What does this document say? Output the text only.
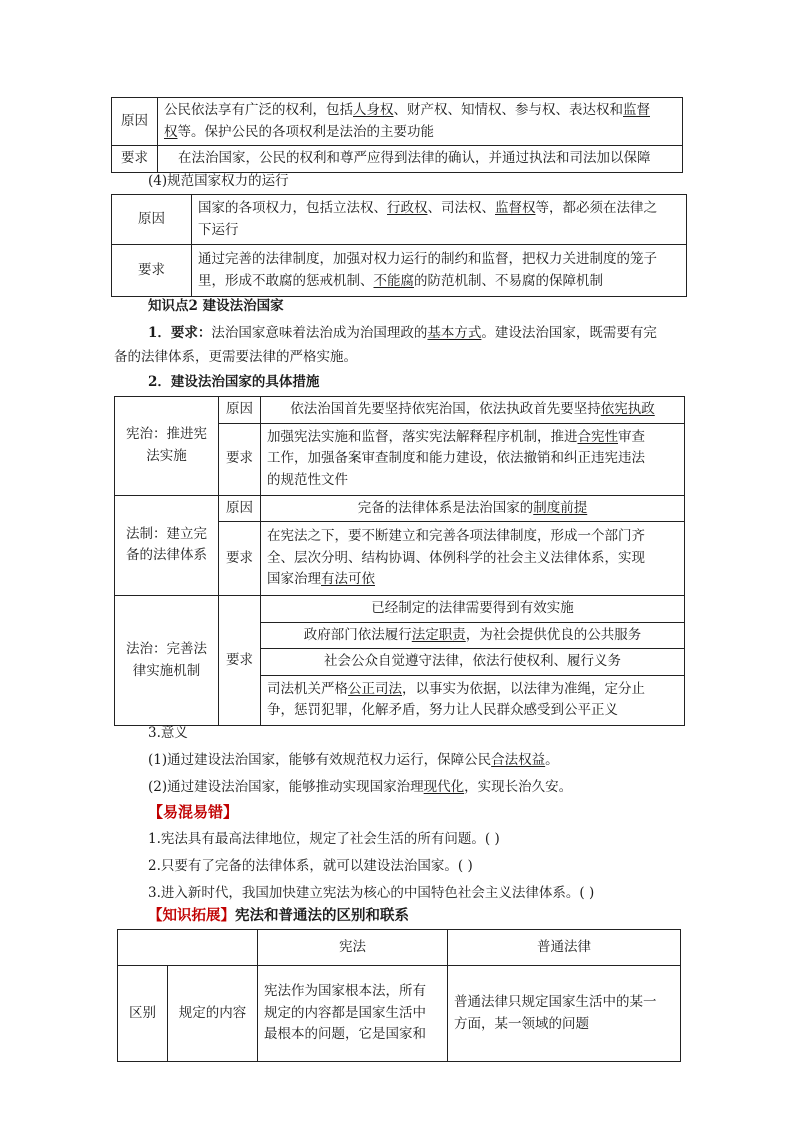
原因	公民依法享有广泛的权利，包括人身权、财产权、知情权、参与权、表达权和监督
权等。保护公民的各项权利是法治的主要功能
要求	在法治国家，公民的权利和尊严应得到法律的确认，并通过执法和司法加以保障
(4)规范国家权力的运行
原因	国家的各项权力，包括立法权、行政权、司法权、监督权等，都必须在法律之
下运行
要求	通过完善的法律制度，加强对权力运行的制约和监督，把权力关进制度的笼子
里，形成不敢腐的惩戒机制、不能腐的防范机制、不易腐的保障机制
知识点2 建设法治国家
1．要求：法治国家意味着法治成为治国理政的基本方式。建设法治国家，既需要有完
备的法律体系，更需要法律的严格实施。
2．建设法治国家的具体措施
宪治：推进宪法实施	原因	依法治国首先要坚持依宪治国，依法执政首先要坚持依宪执政
	要求	加强宪法实施和监督，落实宪法解释程序机制，推进合宪性审查
工作，加强备案审查制度和能力建设，依法撤销和纠正违宪违法
的规范性文件
法制：建立完备的法律体系	原因	完备的法律体系是法治国家的制度前提
	要求	在宪法之下，要不断建立和完善各项法律制度，形成一个部门齐
全、层次分明、结构协调、体例科学的社会主义法律体系，实现
国家治理有法可依
法治：完善法律实施机制	要求	已经制定的法律需要得到有效实施
		政府部门依法履行法定职责，为社会提供优良的公共服务
		社会公众自觉遵守法律，依法行使权利、履行义务
		司法机关严格公正司法，以事实为依据，以法律为准绳，定分止
争，惩罚犯罪，化解矛盾，努力让人民群众感受到公平正义
3.意义
(1)通过建设法治国家，能够有效规范权力运行，保障公民合法权益。
(2)通过建设法治国家，能够推动实现国家治理现代化，实现长治久安。
【易混易错】
1.宪法具有最高法律地位，规定了社会生活的所有问题。( )
2.只要有了完备的法律体系，就可以建设法治国家。( )
3.进入新时代，我国加快建立宪法为核心的中国特色社会主义法律体系。( )
【知识拓展】宪法和普通法的区别和联系
		宪法	普通法律
区别	规定的内容	宪法作为国家根本法，所有
规定的内容都是国家生活中
最根本的问题，它是国家和	普通法律只规定国家生活中的某一
方面，某一领域的问题
